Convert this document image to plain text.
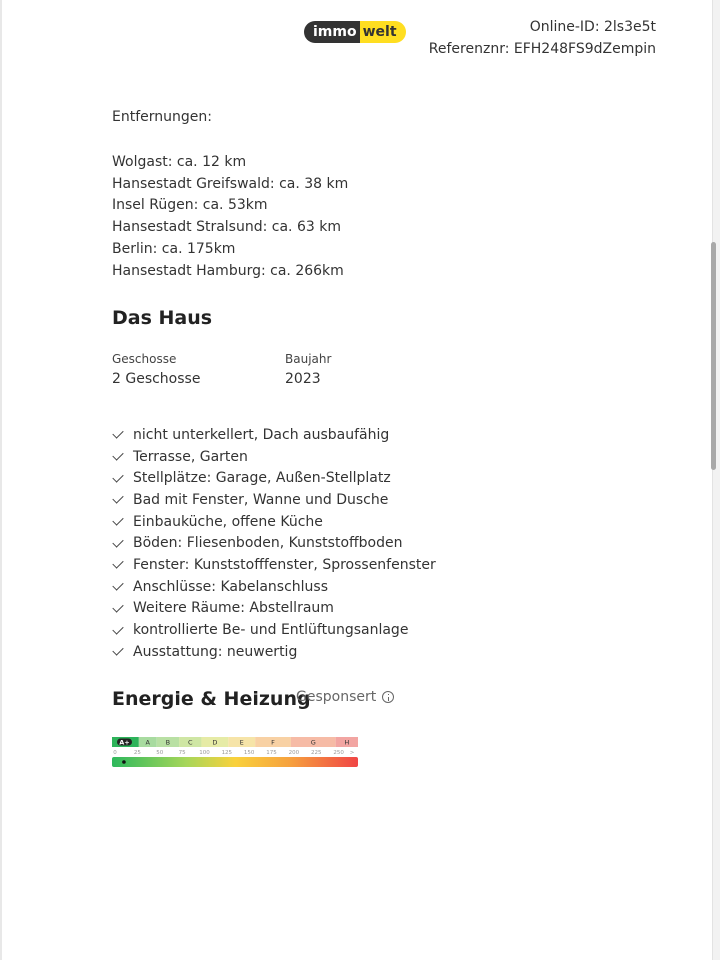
immo welt	Online-ID: 2ls3e5t
Referenznr: EFH248FS9dZempin
Entfernungen:
Wolgast: ca. 12 km
Hansestadt Greifswald: ca. 38 km
Insel Rügen: ca. 53km
Hansestadt Stralsund: ca. 63 km
Berlin: ca. 175km
Hansestadt Hamburg: ca. 266km
Das Haus
Geschosse
2 Geschosse
Baujahr
2023
nicht unterkellert, Dach ausbaufähig
Terrasse, Garten
Stellplätze: Garage, Außen-Stellplatz
Bad mit Fenster, Wanne und Dusche
Einbauküche, offene Küche
Böden: Fliesenboden, Kunststoffboden
Fenster: Kunststofffenster, Sprossenfenster
Anschlüsse: Kabelanschluss
Weitere Räume: Abstellraum
kontrollierte Be- und Entlüftungsanlage
Ausstattung: neuwertig
Energie & Heizung
Gesponsert
A+ A B	C	D	E	F	G	H
0	25	50	75 100 125 150 175 200 225 250 >
